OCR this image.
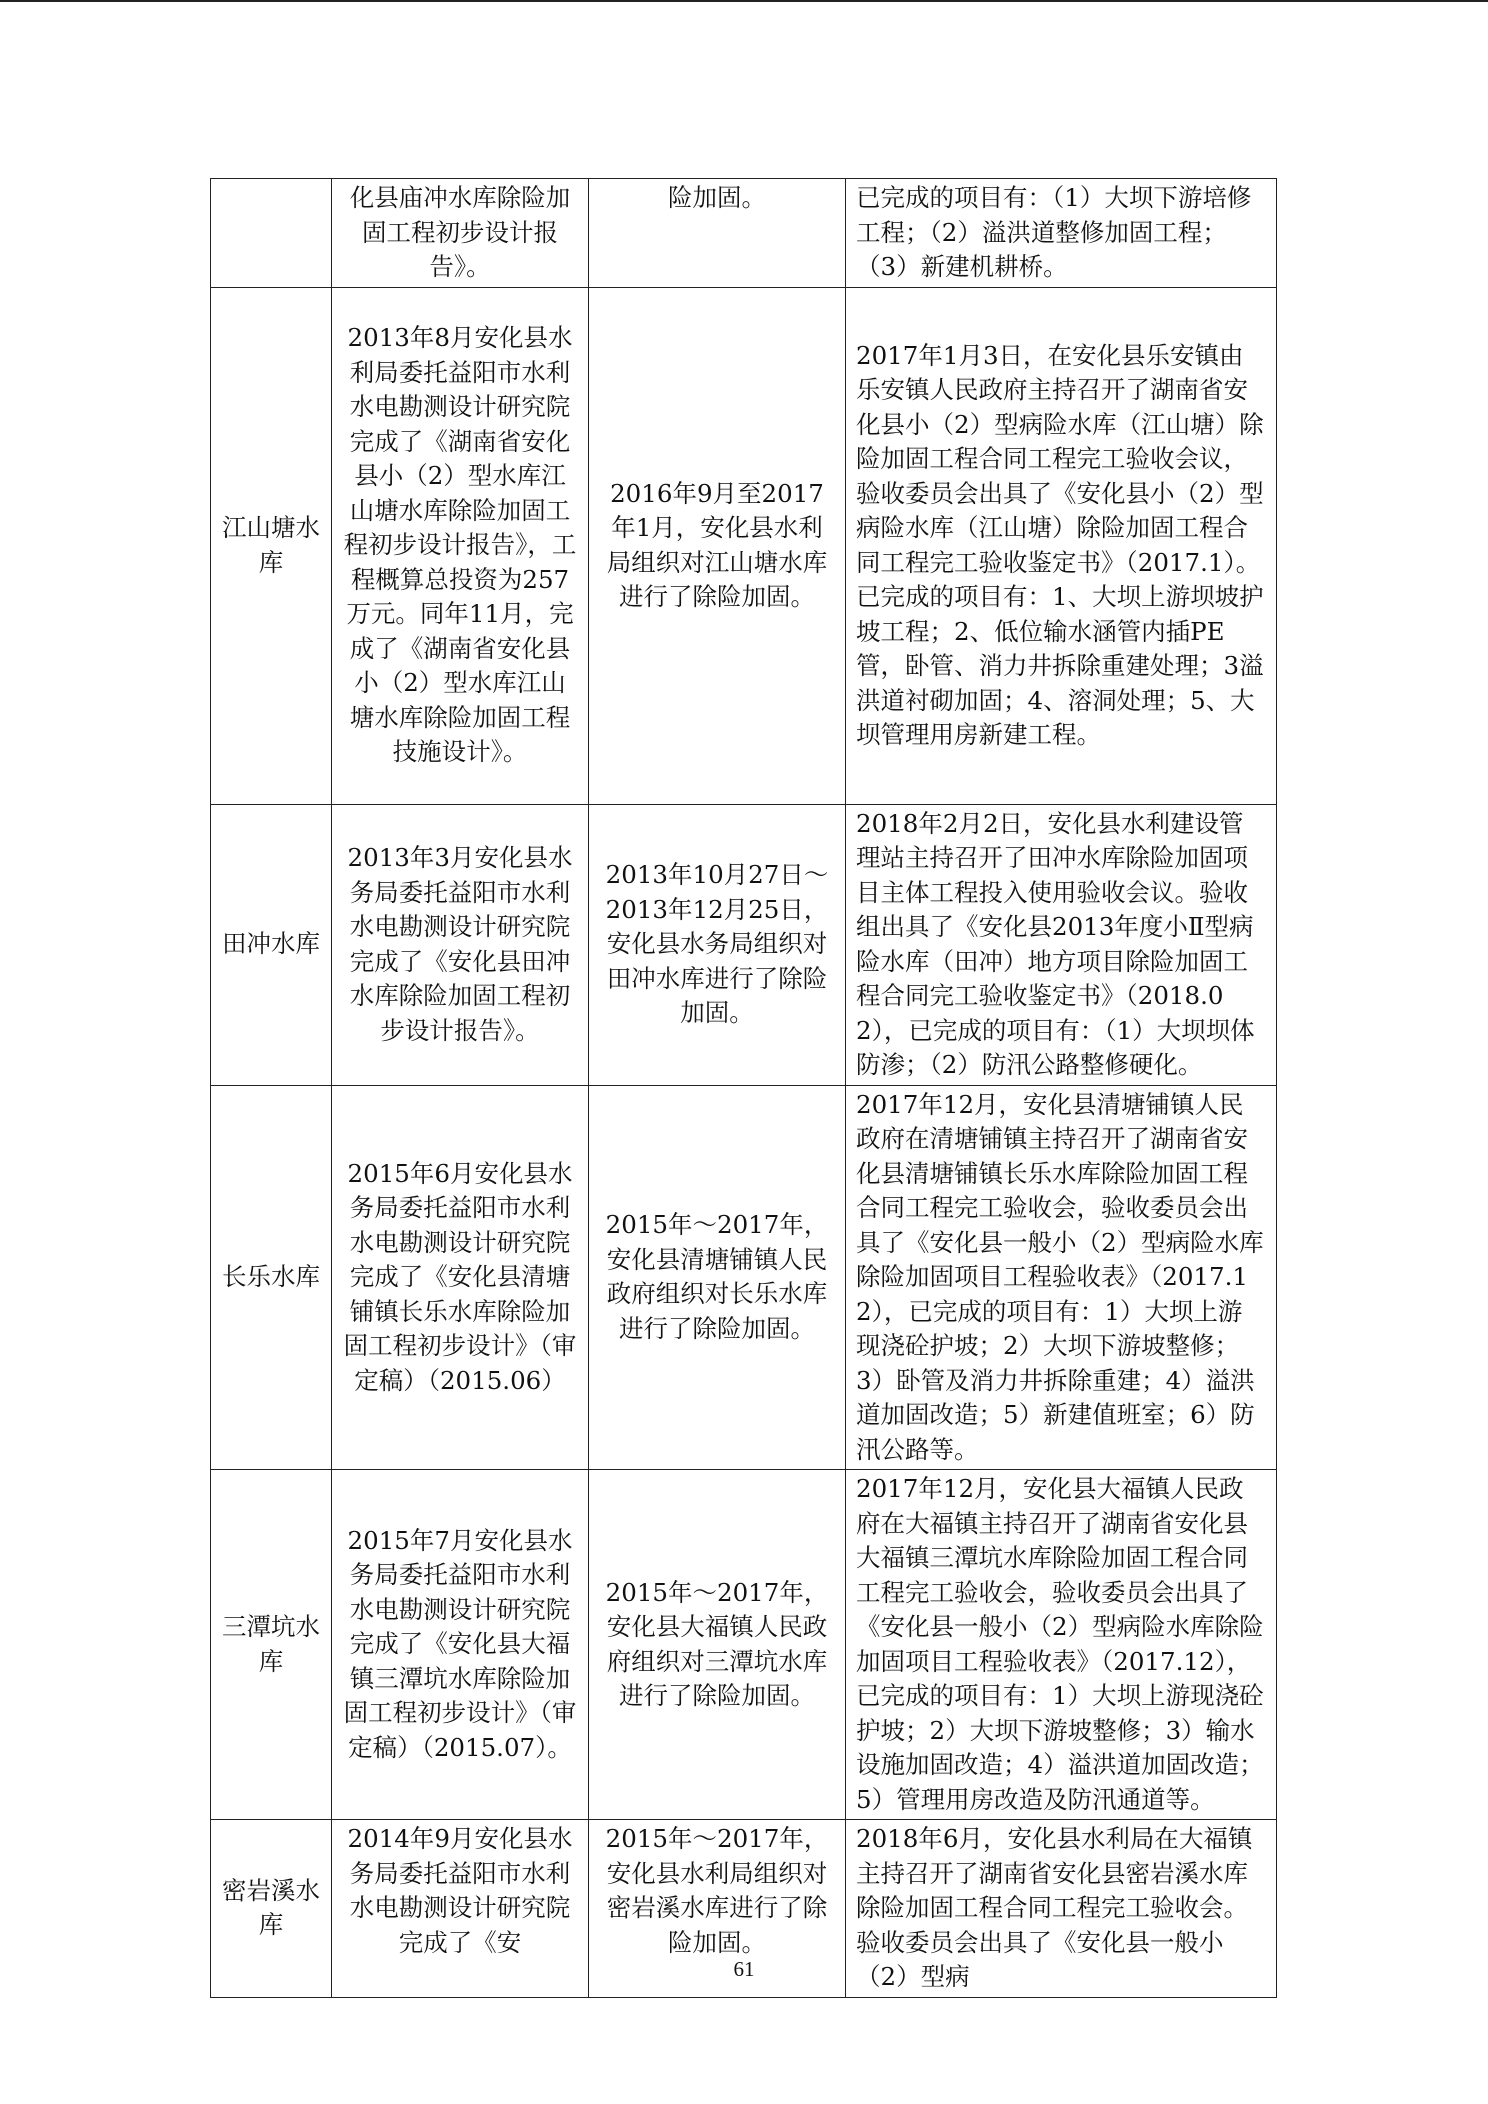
	化县庙冲水库除险加固工程初步设计报告》。	险加固。	已完成的项目有：（1）大坝下游培修工程；（2）溢洪道整修加固工程；（3）新建机耕桥。
江山塘水库	2013年8月安化县水利局委托益阳市水利水电勘测设计研究院完成了《湖南省安化县小（2）型水库江山塘水库除险加固工程初步设计报告》，工程概算总投资为257万元。同年11月，完成了《湖南省安化县小（2）型水库江山塘水库除险加固工程技施设计》。	2016年9月至2017年1月，安化县水利局组织对江山塘水库进行了除险加固。	2017年1月3日，在安化县乐安镇由乐安镇人民政府主持召开了湖南省安化县小（2）型病险水库（江山塘）除险加固工程合同工程完工验收会议，验收委员会出具了《安化县小（2）型病险水库（江山塘）除险加固工程合同工程完工验收鉴定书》（2017.1）。已完成的项目有：1、大坝上游坝坡护坡工程；2、低位输水涵管内插PE管，卧管、消力井拆除重建处理；3溢洪道衬砌加固；4、溶洞处理；5、大坝管理用房新建工程。
田冲水库	2013年3月安化县水务局委托益阳市水利水电勘测设计研究院完成了《安化县田冲水库除险加固工程初步设计报告》。	2013年10月27日～2013年12月25日，安化县水务局组织对田冲水库进行了除险加固。	2018年2月2日，安化县水利建设管理站主持召开了田冲水库除险加固项目主体工程投入使用验收会议。验收组出具了《安化县2013年度小Ⅱ型病险水库（田冲）地方项目除险加固工程合同完工验收鉴定书》（2018.02），已完成的项目有：（1）大坝坝体防渗；（2）防汛公路整修硬化。
长乐水库	2015年6月安化县水务局委托益阳市水利水电勘测设计研究院完成了《安化县清塘铺镇长乐水库除险加固工程初步设计》（审定稿）（2015.06）	2015年～2017年，安化县清塘铺镇人民政府组织对长乐水库进行了除险加固。	2017年12月，安化县清塘铺镇人民政府在清塘铺镇主持召开了湖南省安化县清塘铺镇长乐水库除险加固工程合同工程完工验收会，验收委员会出具了《安化县一般小（2）型病险水库除险加固项目工程验收表》（2017.12），已完成的项目有：1）大坝上游现浇砼护坡；2）大坝下游坡整修；3）卧管及消力井拆除重建；4）溢洪道加固改造；5）新建值班室；6）防汛公路等。
三潭坑水库	2015年7月安化县水务局委托益阳市水利水电勘测设计研究院完成了《安化县大福镇三潭坑水库除险加固工程初步设计》（审定稿）（2015.07）。	2015年～2017年，安化县大福镇人民政府组织对三潭坑水库进行了除险加固。	2017年12月，安化县大福镇人民政府在大福镇主持召开了湖南省安化县大福镇三潭坑水库除险加固工程合同工程完工验收会，验收委员会出具了《安化县一般小（2）型病险水库除险加固项目工程验收表》（2017.12），已完成的项目有：1）大坝上游现浇砼护坡；2）大坝下游坡整修；3）输水设施加固改造；4）溢洪道加固改造；5）管理用房改造及防汛通道等。
密岩溪水库	2014年9月安化县水务局委托益阳市水利水电勘测设计研究院完成了《安	2015年～2017年，安化县水利局组织对密岩溪水库进行了除险加固。	2018年6月，安化县水利局在大福镇主持召开了湖南省安化县密岩溪水库除险加固工程合同工程完工验收会。验收委员会出具了《安化县一般小（2）型病
61
